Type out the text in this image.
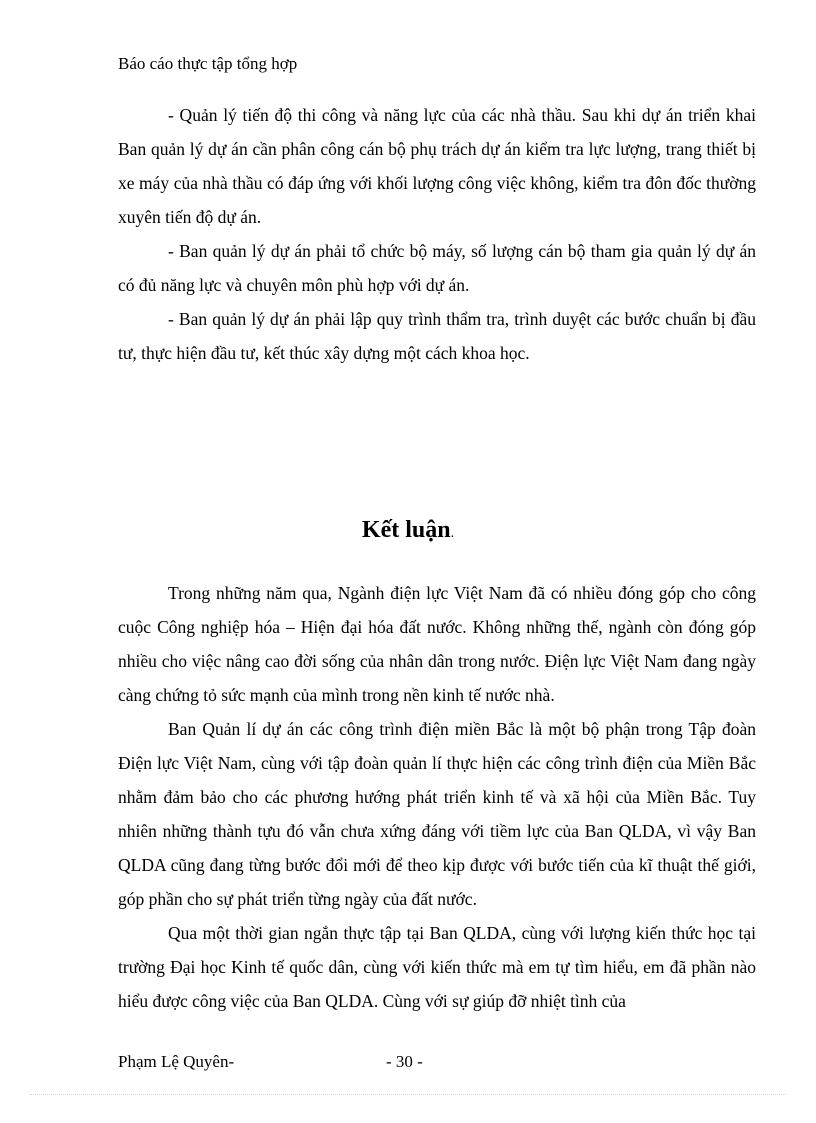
Báo cáo thực tập tổng hợp

- Quản lý tiến độ thi công và năng lực của các nhà thầu. Sau khi dự án triển khai Ban quản lý dự án cần phân công cán bộ phụ trách dự án kiểm tra lực lượng, trang thiết bị xe máy của nhà thầu có đáp ứng với khối lượng công việc không, kiểm tra đôn đốc thường xuyên tiến độ dự án.

- Ban quản lý dự án phải tổ chức bộ máy, số lượng cán bộ tham gia quản lý dự án có đủ năng lực và chuyên môn phù hợp với dự án.

- Ban quản lý dự án phải lập quy trình thẩm tra, trình duyệt các bước chuẩn bị đầu tư, thực hiện đầu tư, kết thúc xây dựng một cách khoa học.

Kết luận.

Trong những năm qua, Ngành điện lực Việt Nam đã có nhiều đóng góp cho công cuộc Công nghiệp hóa – Hiện đại hóa đất nước. Không những thế, ngành còn đóng góp nhiều cho việc nâng cao đời sống của nhân dân trong nước. Điện lực Việt Nam đang ngày càng chứng tỏ sức mạnh của mình trong nền kinh tế nước nhà.

Ban Quản lí dự án các công trình điện miền Bắc là một bộ phận trong Tập đoàn Điện lực Việt Nam, cùng với tập đoàn quản lí thực hiện các công trình điện của Miền Bắc nhằm đảm bảo cho các phương hướng phát triển kinh tế và xã hội của Miền Bắc. Tuy nhiên những thành tựu đó vẫn chưa xứng đáng với tiềm lực của Ban QLDA, vì vậy Ban QLDA cũng đang từng bước đổi mới để theo kịp được với bước tiến của kĩ thuật thế giới, góp phần cho sự phát triển từng ngày của đất nước.

Qua một thời gian ngắn thực tập tại Ban QLDA, cùng với lượng kiến thức học tại trường Đại học Kinh tế quốc dân, cùng với kiến thức mà em tự tìm hiểu, em đã phần nào hiểu được công việc của Ban QLDA. Cùng với sự giúp đỡ nhiệt tình của

Phạm Lệ Quyên-	- 30 -
